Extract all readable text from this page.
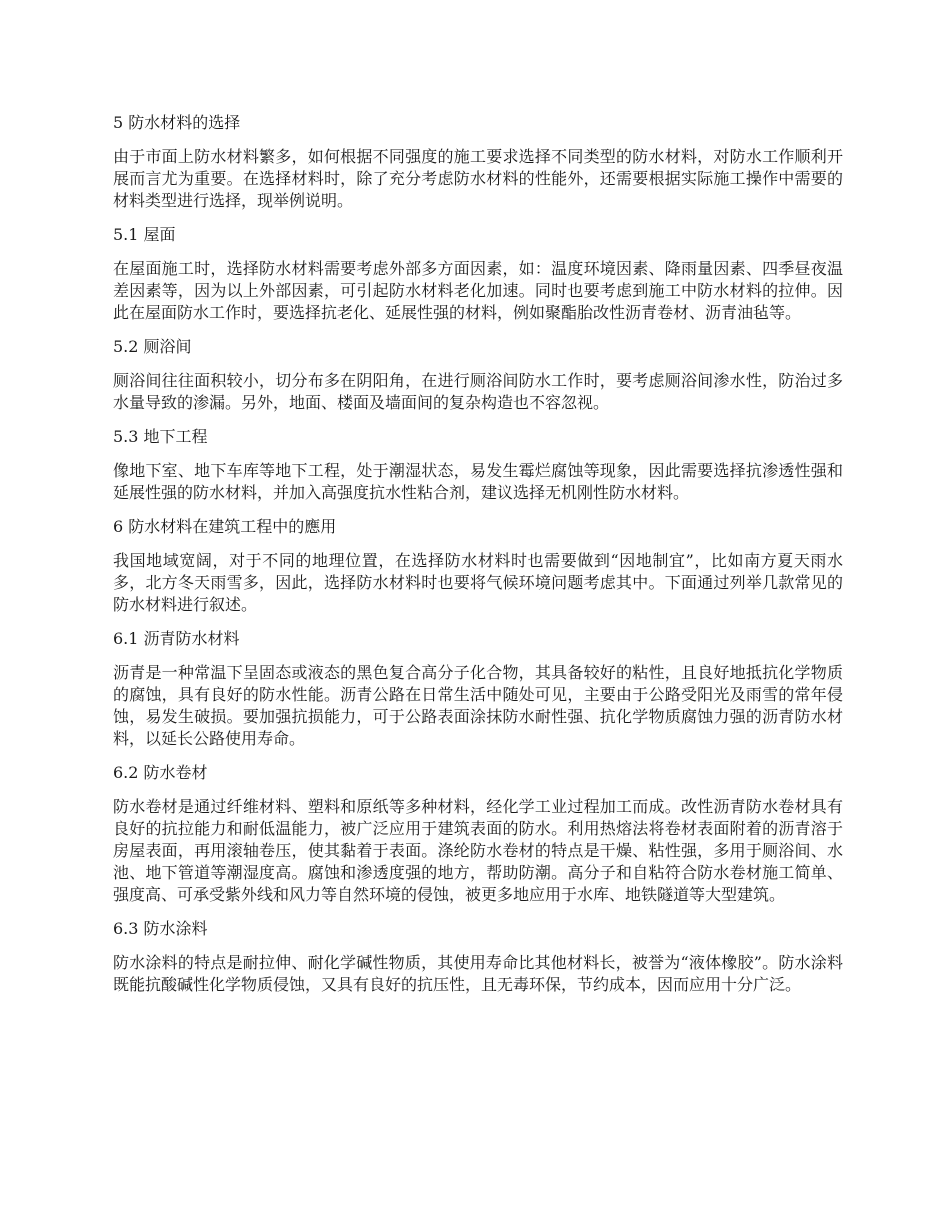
5 防水材料的选择
由于市面上防水材料繁多，如何根据不同强度的施工要求选择不同类型的防水材料，对防水工作顺利开展而言尤为重要。在选择材料时，除了充分考虑防水材料的性能外，还需要根据实际施工操作中需要的材料类型进行选择，现举例说明。
5.1 屋面
在屋面施工时，选择防水材料需要考虑外部多方面因素，如：温度环境因素、降雨量因素、四季昼夜温差因素等，因为以上外部因素，可引起防水材料老化加速。同时也要考虑到施工中防水材料的拉伸。因此在屋面防水工作时，要选择抗老化、延展性强的材料，例如聚酯胎改性沥青卷材、沥青油毡等。
5.2 厕浴间
厕浴间往往面积较小，切分布多在阴阳角，在进行厕浴间防水工作时，要考虑厕浴间渗水性，防治过多水量导致的渗漏。另外，地面、楼面及墙面间的复杂构造也不容忽视。
5.3 地下工程
像地下室、地下车库等地下工程，处于潮湿状态，易发生霉烂腐蚀等现象，因此需要选择抗渗透性强和延展性强的防水材料，并加入高强度抗水性粘合剂，建议选择无机刚性防水材料。
6 防水材料在建筑工程中的應用
我国地域宽阔，对于不同的地理位置，在选择防水材料时也需要做到“因地制宜”，比如南方夏天雨水多，北方冬天雨雪多，因此，选择防水材料时也要将气候环境问题考虑其中。下面通过列举几款常见的防水材料进行叙述。
6.1 沥青防水材料
沥青是一种常温下呈固态或液态的黑色复合高分子化合物，其具备较好的粘性，且良好地抵抗化学物质的腐蚀，具有良好的防水性能。沥青公路在日常生活中随处可见，主要由于公路受阳光及雨雪的常年侵蚀，易发生破损。要加强抗损能力，可于公路表面涂抹防水耐性强、抗化学物质腐蚀力强的沥青防水材料，以延长公路使用寿命。
6.2 防水卷材
防水卷材是通过纤维材料、塑料和原纸等多种材料，经化学工业过程加工而成。改性沥青防水卷材具有良好的抗拉能力和耐低温能力，被广泛应用于建筑表面的防水。利用热熔法将卷材表面附着的沥青溶于房屋表面，再用滚轴卷压，使其黏着于表面。涤纶防水卷材的特点是干燥、粘性强，多用于厕浴间、水池、地下管道等潮湿度高。腐蚀和渗透度强的地方，帮助防潮。高分子和自粘符合防水卷材施工简单、强度高、可承受紫外线和风力等自然环境的侵蚀，被更多地应用于水库、地铁隧道等大型建筑。
6.3 防水涂料
防水涂料的特点是耐拉伸、耐化学碱性物质，其使用寿命比其他材料长，被誉为“液体橡胶”。防水涂料既能抗酸碱性化学物质侵蚀，又具有良好的抗压性，且无毒环保，节约成本，因而应用十分广泛。
